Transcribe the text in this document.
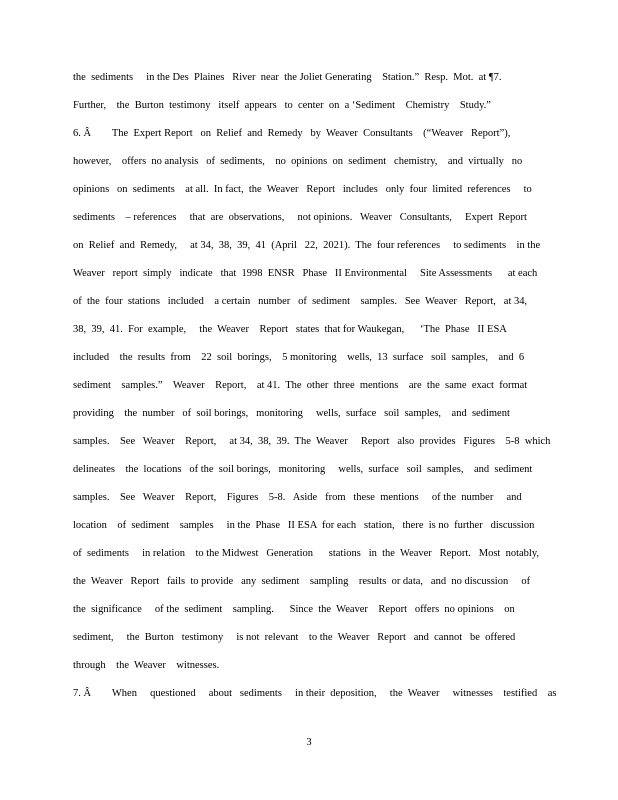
the  sediments     in the Des  Plaines   River  near  the Joliet Generating    Station.”  Resp.  Mot.  at ¶7.
Further,    the  Burton  testimony   itself  appears   to  center  on  a ‘Sediment    Chemistry    Study.”
6. Â        The  Expert Report   on  Relief  and  Remedy   by  Weaver  Consultants    (“Weaver   Report”),
however,    offers  no analysis   of  sediments,    no  opinions  on  sediment   chemistry,    and  virtually   no
opinions   on  sediments    at all.  In fact,  the  Weaver   Report   includes   only  four  limited  references     to
sediments    – references     that  are  observations,     not opinions.   Weaver   Consultants,     Expert  Report
on  Relief  and  Remedy,     at 34,  38,  39,  41  (April   22,  2021).  The  four references     to sediments    in the
Weaver   report  simply   indicate   that  1998  ENSR   Phase   II Environmental     Site Assessments      at each
of  the  four  stations   included    a certain   number   of  sediment    samples.   See  Weaver   Report,   at 34,
38,  39,  41.  For  example,     the  Weaver    Report   states  that for Waukegan,      ‘The  Phase   II ESA
included    the  results  from    22  soil  borings,    5 monitoring    wells,  13  surface   soil  samples,    and  6
sediment    samples.”    Weaver    Report,    at 41.  The  other  three  mentions    are  the  same  exact  format
providing    the  number   of  soil borings,   monitoring     wells,  surface   soil  samples,    and  sediment
samples.    See   Weaver    Report,     at 34,  38,  39.  The  Weaver     Report   also  provides   Figures    5-8  which
delineates    the  locations   of the  soil borings,   monitoring     wells,  surface   soil  samples,    and  sediment
samples.    See   Weaver    Report,    Figures    5-8.   Aside   from   these  mentions     of the  number     and
location    of  sediment    samples     in the  Phase   II ESA  for each   station,   there  is no  further   discussion
of  sediments     in relation    to the Midwest   Generation      stations   in  the  Weaver   Report.   Most  notably,
the  Weaver   Report   fails  to provide   any  sediment    sampling    results  or data,   and  no discussion     of
the  significance     of the  sediment    sampling.      Since  the  Weaver    Report   offers  no opinions    on
sediment,     the  Burton   testimony     is not  relevant    to the  Weaver   Report   and  cannot   be  offered
through    the  Weaver    witnesses.
7. Â        When     questioned     about   sediments     in their  deposition,     the  Weaver     witnesses    testified    as
3
